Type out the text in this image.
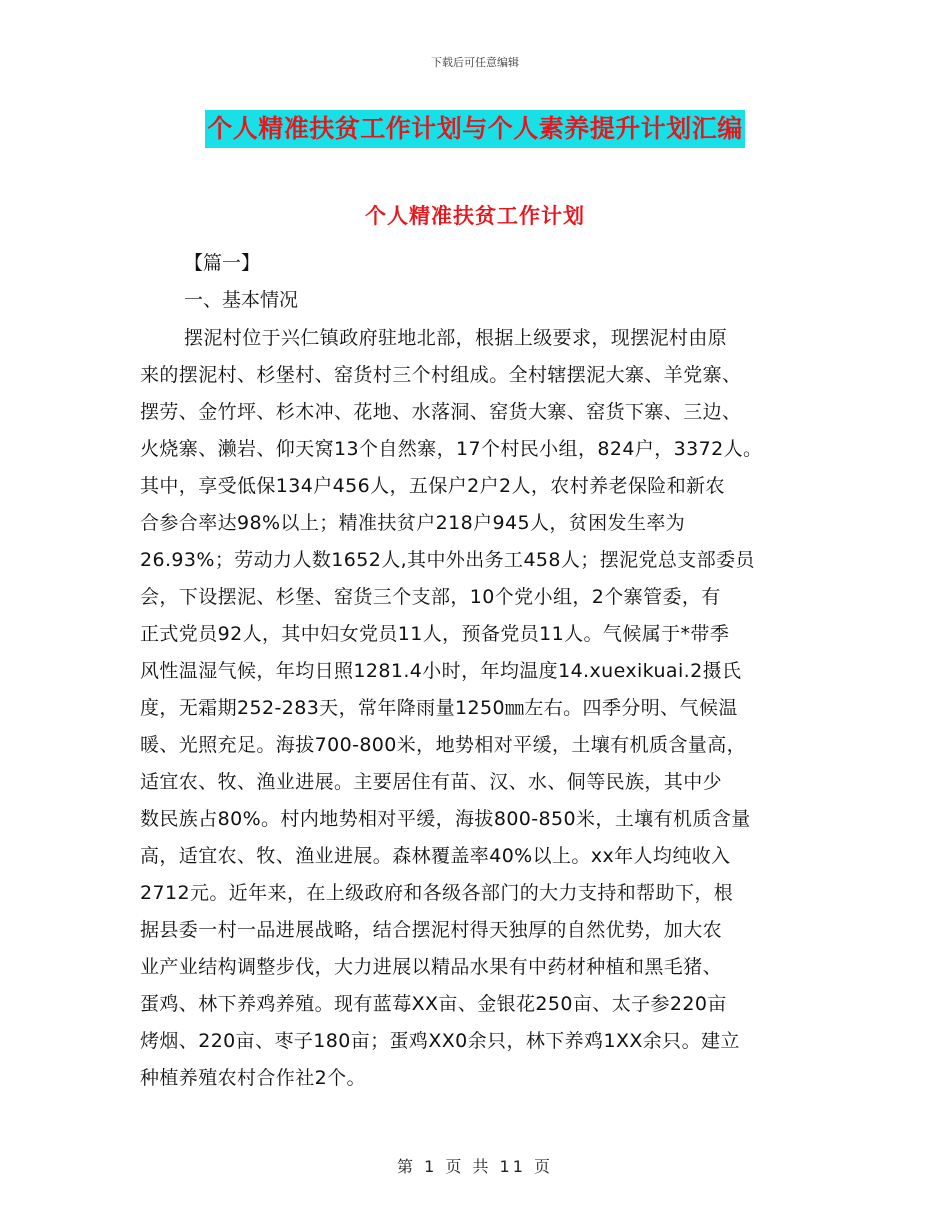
下载后可任意编辑
个人精准扶贫工作计划与个人素养提升计划汇编
个人精准扶贫工作计划
【篇一】
一、基本情况
摆泥村位于兴仁镇政府驻地北部，根据上级要求，现摆泥村由原
来的摆泥村、杉堡村、窑货村三个村组成。全村辖摆泥大寨、羊党寨、
摆劳、金竹坪、杉木冲、花地、水落洞、窑货大寨、窑货下寨、三边、
火烧寨、濑岩、仰天窝13个自然寨，17个村民小组，824户，3372人。
其中，享受低保134户456人，五保户2户2人，农村养老保险和新农
合参合率达98%以上；精准扶贫户218户945人，贫困发生率为
26.93%；劳动力人数1652人,其中外出务工458人；摆泥党总支部委员
会，下设摆泥、杉堡、窑货三个支部，10个党小组，2个寨管委，有
正式党员92人，其中妇女党员11人，预备党员11人。气候属于*带季
风性温湿气候，年均日照1281.4小时，年均温度14.xuexikuai.2摄氏
度，无霜期252-283天，常年降雨量1250㎜左右。四季分明、气候温
暖、光照充足。海拔700-800米，地势相对平缓，土壤有机质含量高，
适宜农、牧、渔业进展。主要居住有苗、汉、水、侗等民族，其中少
数民族占80%。村内地势相对平缓，海拔800-850米，土壤有机质含量
高，适宜农、牧、渔业进展。森林覆盖率40%以上。xx年人均纯收入
2712元。近年来，在上级政府和各级各部门的大力支持和帮助下，根
据县委一村一品进展战略，结合摆泥村得天独厚的自然优势，加大农
业产业结构调整步伐，大力进展以精品水果有中药材种植和黑毛猪、
蛋鸡、林下养鸡养殖。现有蓝莓XX亩、金银花250亩、太子参220亩
烤烟、220亩、枣子180亩；蛋鸡XX0余只，林下养鸡1XX余只。建立
种植养殖农村合作社2个。
第 1 页 共 11 页
